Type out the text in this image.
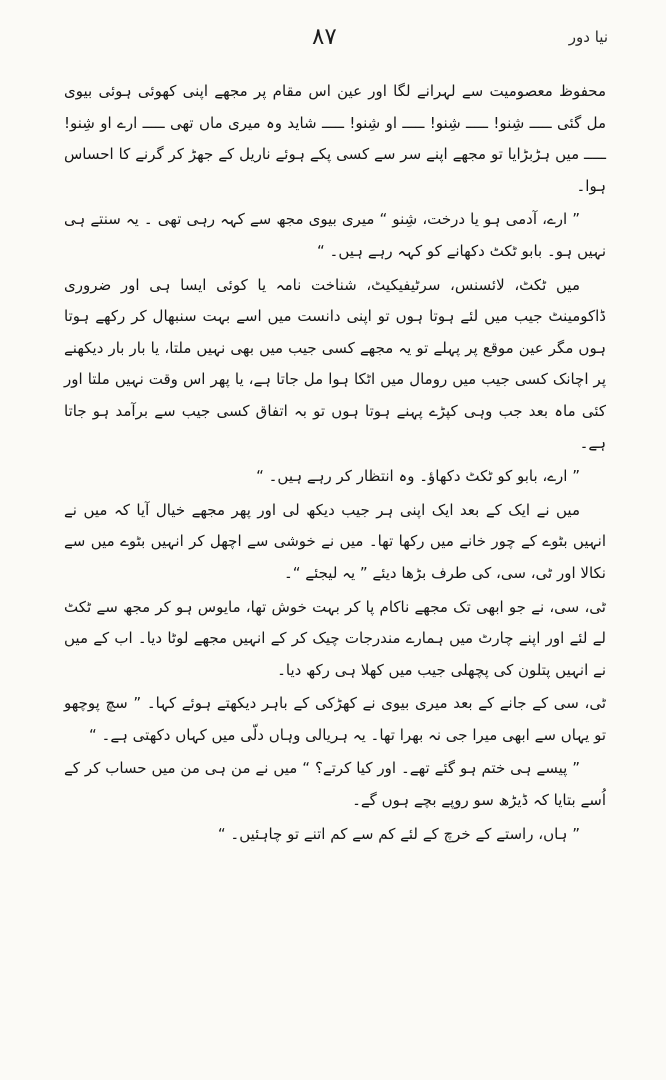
۸۷	نیا دور

محفوظ معصومیت سے لہرانے لگا اور عین اس مقام پر مجھے اپنی کھوئی ہوئی بیوی مل گئی ـــــ شِنو! ـــــ شِنو! ـــــ او شِنو! ـــــ شاید وہ میری ماں تھی ـــــ ارے او شِنو! ـــــ میں ہڑبڑایا تو مجھے اپنے سر سے کسی پکے ہوئے ناریل کے جھڑ کر گرنے کا احساس ہوا۔

” ارے، آدمی ہو یا درخت، شِنو “ میری بیوی مجھ سے کہہ رہی تھی ۔ یہ سنتے ہی نہیں ہو۔ بابو ٹکٹ دکھانے کو کہہ رہے ہیں۔ “

میں ٹکٹ، لائسنس، سرٹیفیکیٹ، شناخت نامہ یا کوئی ایسا ہی اور ضروری ڈاکومینٹ جیب میں لئے ہوتا ہوں تو اپنی دانست میں اسے بہت سنبھال کر رکھے ہوتا ہوں مگر عین موقع پر پہلے تو یہ مجھے کسی جیب میں بھی نہیں ملتا، یا بار بار دیکھنے پر اچانک کسی جیب میں رومال میں اٹکا ہوا مل جاتا ہے، یا پھر اس وقت نہیں ملتا اور کئی ماہ بعد جب وہی کپڑے پہنے ہوتا ہوں تو بہ اتفاق کسی جیب سے برآمد ہو جاتا ہے۔

” ارے، بابو کو ٹکٹ دکھاؤ۔ وہ انتظار کر رہے ہیں۔ “

میں نے ایک کے بعد ایک اپنی ہر جیب دیکھ لی اور پھر مجھے خیال آیا کہ میں نے انہیں بٹوے کے چور خانے میں رکھا تھا۔ میں نے خوشی سے اچھل کر انہیں بٹوے میں سے نکالا اور ٹی، سی، کی طرف بڑھا دیئے ” یہ لیجئے “۔

ٹی، سی، نے جو ابھی تک مجھے ناکام پا کر بہت خوش تھا، مایوس ہو کر مجھ سے ٹکٹ لے لئے اور اپنے چارٹ میں ہمارے مندرجات چیک کر کے انہیں مجھے لوٹا دیا۔ اب کے میں نے انہیں پتلون کی پچھلی جیب میں کھلا ہی رکھ دیا۔

ٹی، سی کے جانے کے بعد میری بیوی نے کھڑکی کے باہر دیکھتے ہوئے کہا۔ ” سچ پوچھو تو یہاں سے ابھی میرا جی نہ بھرا تھا۔ یہ ہریالی وہاں دلّی میں کہاں دکھتی ہے۔ “

” پیسے ہی ختم ہو گئے تھے۔ اور کیا کرتے؟ “ میں نے من ہی من میں حساب کر کے اُسے بتایا کہ ڈیڑھ سو روپے بچے ہوں گے۔

” ہاں، راستے کے خرچ کے لئے کم سے کم اتنے تو چاہئیں۔ “
